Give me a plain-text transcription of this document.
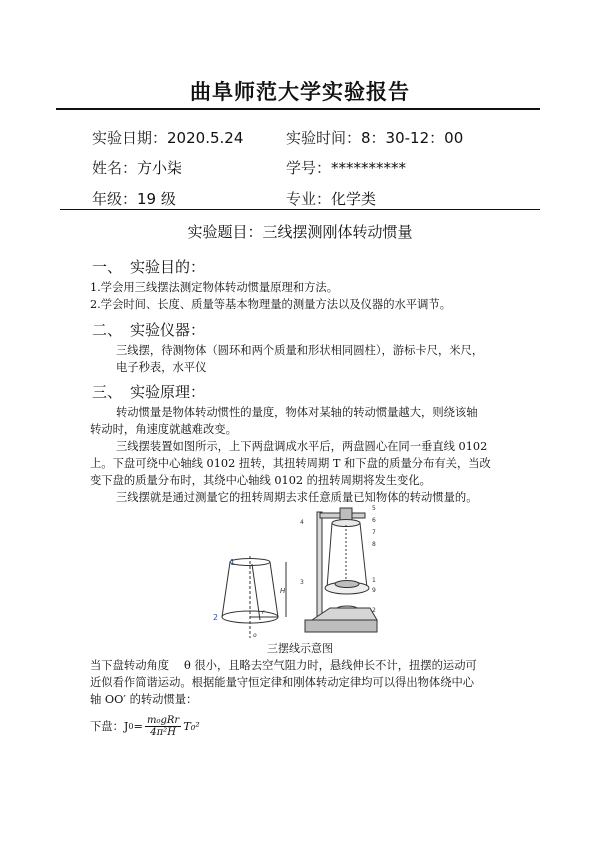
曲阜师范大学实验报告
实验日期：2020.5.24	实验时间：8：30-12：00
姓名：方小柒	学号：**********
年级：19 级	专业：化学类
实验题目：三线摆测刚体转动惯量
一、 实验目的：
1.学会用三线摆法测定物体转动惯量原理和方法。
2.学会时间、长度、质量等基本物理量的测量方法以及仪器的水平调节。
二、 实验仪器：
三线摆，待测物体（圆环和两个质量和形状相同圆柱），游标卡尺，米尺，
电子秒表，水平仪
三、 实验原理：
转动惯量是物体转动惯性的量度，物体对某轴的转动惯量越大，则绕该轴
转动时，角速度就越难改变。
三线摆装置如图所示，上下两盘调成水平后，两盘圆心在同一垂直线 0102
上。下盘可绕中心轴线 0102 扭转，其扭转周期 T 和下盘的质量分布有关，当改
变下盘的质量分布时，其绕中心轴线 0102 的扭转周期将发生变化。
三线摆就是通过测量它的扭转周期去求任意质量已知物体的转动惯量的。
1
2
H
r
o
4
5
6
7
8
1
9
3
2
三摆线示意图
当下盘转动角度　 θ 很小，且略去空气阻力时，悬线伸长不计，扭摆的运动可
近似看作简谐运动。根据能量守恒定律和刚体转动定律均可以得出物体绕中心
轴 OO′ 的转动惯量：
下盘：J 0 = m₀gRr
4π²H T₀²
